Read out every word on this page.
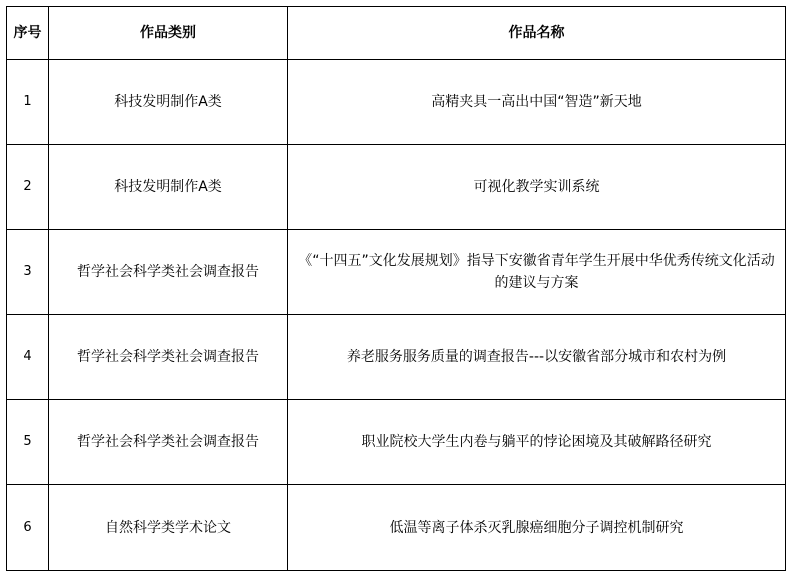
序号	作品类别	作品名称
1	科技发明制作A类	高精夹具一高出中国“智造”新天地
2	科技发明制作A类	可视化教学实训系统
3	哲学社会科学类社会调查报告	《“十四五”文化发展规划》指导下安徽省青年学生开展中华优秀传统文化活动的建议与方案
4	哲学社会科学类社会调查报告	养老服务服务质量的调查报告---以安徽省部分城市和农村为例
5	哲学社会科学类社会调查报告	职业院校大学生内卷与躺平的悖论困境及其破解路径研究
6	自然科学类学术论文	低温等离子体杀灭乳腺癌细胞分子调控机制研究
